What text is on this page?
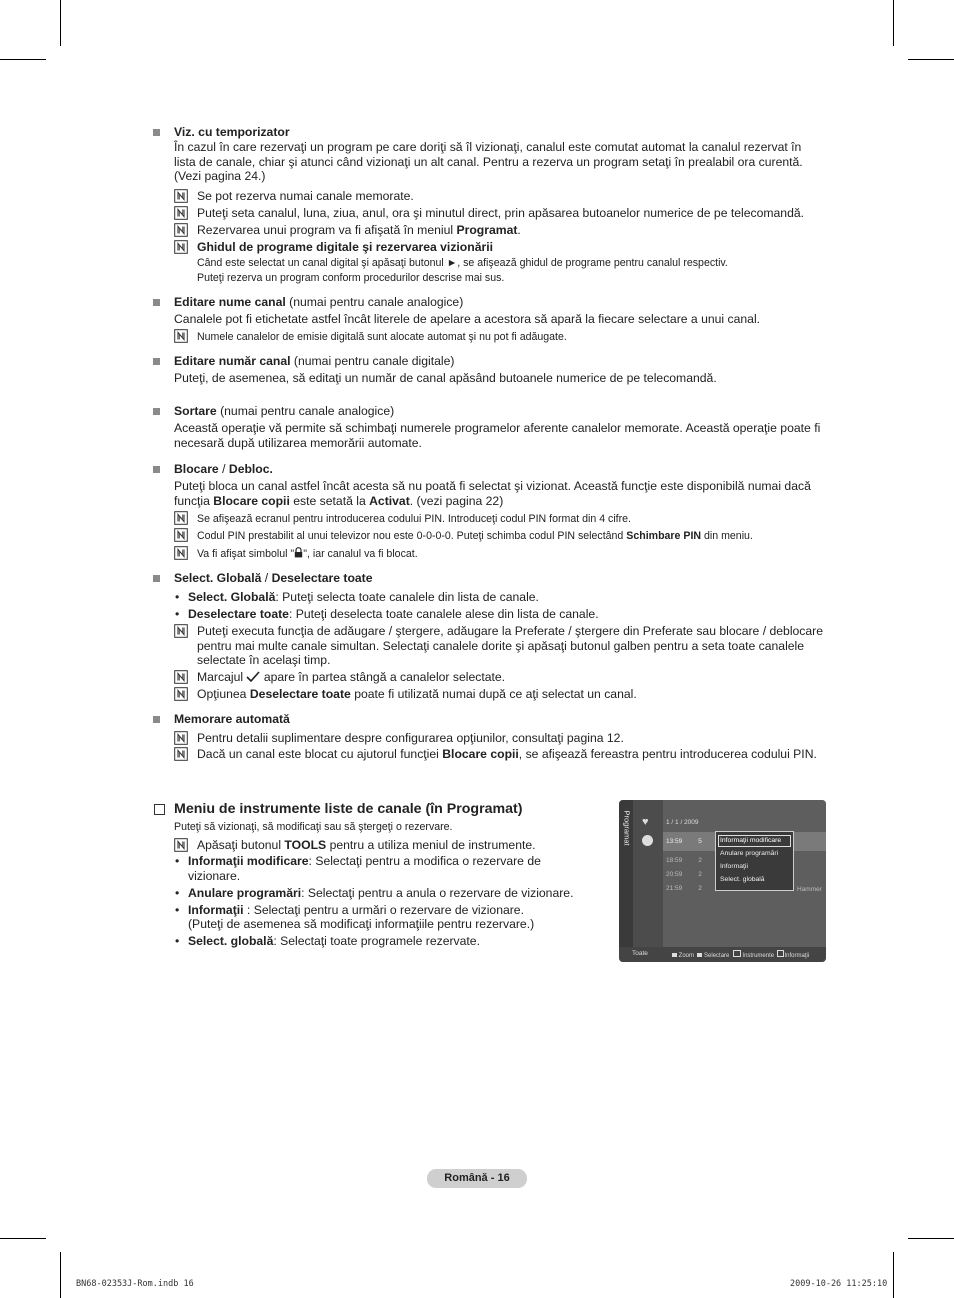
Viz. cu temporizator

În cazul în care rezervaţi un program pe care doriţi să îl vizionaţi, canalul este comutat automat la canalul rezervat în lista de canale, chiar şi atunci când vizionaţi un alt canal. Pentru a rezerva un program setaţi în prealabil ora curentă. (Vezi pagina 24.)

Se pot rezerva numai canale memorate.
Puteţi seta canalul, luna, ziua, anul, ora şi minutul direct, prin apăsarea butoanelor numerice de pe telecomandă.
Rezervarea unui program va fi afişată în meniul Programat.
Ghidul de programe digitale şi rezervarea vizionării
Când este selectat un canal digital şi apăsaţi butonul ►, se afişează ghidul de programe pentru canalul respectiv.
Puteţi rezerva un program conform procedurilor descrise mai sus.
Editare nume canal (numai pentru canale analogice)

Canalele pot fi etichetate astfel încât literele de apelare a acestora să apară la fiecare selectare a unui canal.

Numele canalelor de emisie digitală sunt alocate automat şi nu pot fi adăugate.
Editare număr canal (numai pentru canale digitale)

Puteţi, de asemenea, să editaţi un număr de canal apăsând butoanele numerice de pe telecomandă.

Sortare (numai pentru canale analogice)

Această operaţie vă permite să schimbaţi numerele programelor aferente canalelor memorate. Această operaţie poate fi necesară după utilizarea memorării automate.

Blocare / Debloc.

Puteţi bloca un canal astfel încât acesta să nu poată fi selectat şi vizionat. Această funcţie este disponibilă numai dacă funcţia Blocare copii este setată la Activat. (vezi pagina 22)

Se afişează ecranul pentru introducerea codului PIN. Introduceţi codul PIN format din 4 cifre.
Codul PIN prestabilit al unui televizor nou este 0-0-0-0. Puteţi schimba codul PIN selectând Schimbare PIN din meniu.
Va fi afişat simbolul " ", iar canalul va fi blocat.
Select. Globală / Deselectare toate
• Select. Globală: Puteţi selecta toate canalele din lista de canale.
• Deselectare toate: Puteţi deselecta toate canalele alese din lista de canale.
Puteţi executa funcţia de adăugare / ştergere, adăugare la Preferate / ştergere din Preferate sau blocare / deblocare pentru mai multe canale simultan. Selectaţi canalele dorite şi apăsaţi butonul galben pentru a seta toate canalele selectate în acelaşi timp.
Marcajul  apare în partea stângă a canalelor selectate.
Opţiunea Deselectare toate poate fi utilizată numai după ce aţi selectat un canal.
Memorare automată
Pentru detalii suplimentare despre configurarea opţiunilor, consultaţi pagina 12.
Dacă un canal este blocat cu ajutorul funcţiei Blocare copii, se afişează fereastra pentru introducerea codului PIN.
Meniu de instrumente liste de canale (în Programat)
Puteţi să vizionaţi, să modificaţi sau să ştergeţi o rezervare.
Apăsaţi butonul TOOLS pentru a utiliza meniul de instrumente.
• Informaţii modificare: Selectaţi pentru a modifica o rezervare de vizionare.
• Anulare programări: Selectaţi pentru a anula o rezervare de vizionare.
• Informaţii : Selectaţi pentru a urmări o rezervare de vizionare.
(Puteţi de asemenea să modificaţi informaţiile pentru rezervare.)
• Select. globală: Selectaţi toate programele rezervate.
Programat ♥	1 / 1 / 2009
13:59 5
18:59 2
20:59 2
21:59 2	Hammer
Informaţii modificare
Anulare programări
Informaţii
Select. globală
Toate	Zoom Selectare Instrumente Informaţii
Română - 16
BN68-02353J-Rom.indb 16	2009-10-26 11:25:10
